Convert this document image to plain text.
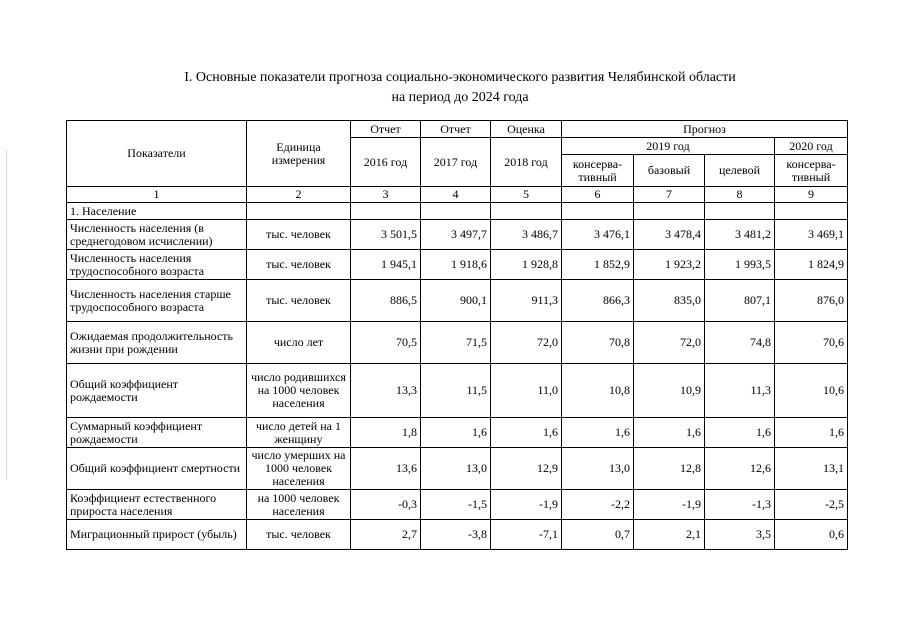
I. Основные показатели прогноза социально-экономического развития Челябинской области
на период до 2024 года
Показатели	Единица измерения	Отчет	Отчет	Оценка	Прогноз			
		2016 год	2017 год	2018 год	2019 год			2020 год
					консерва-тивный	базовый	целевой	консерва-тивный
1	2	3	4	5	6	7	8	9
1. Население								
Численность населения (в среднегодовом исчислении)	тыс. человек	3 501,5	3 497,7	3 486,7	3 476,1	3 478,4	3 481,2	3 469,1
Численность населения трудоспособного возраста	тыс. человек	1 945,1	1 918,6	1 928,8	1 852,9	1 923,2	1 993,5	1 824,9
Численность населения старше трудоспособного возраста	тыс. человек	886,5	900,1	911,3	866,3	835,0	807,1	876,0
Ожидаемая продолжительность жизни при рождении	число лет	70,5	71,5	72,0	70,8	72,0	74,8	70,6
Общий коэффициент рождаемости	число родившихся на 1000 человек населения	13,3	11,5	11,0	10,8	10,9	11,3	10,6
Суммарный коэффициент рождаемости	число детей на 1 женщину	1,8	1,6	1,6	1,6	1,6	1,6	1,6
Общий коэффициент смертности	число умерших на 1000 человек населения	13,6	13,0	12,9	13,0	12,8	12,6	13,1
Коэффициент естественного прироста населения	на 1000 человек населения	-0,3	-1,5	-1,9	-2,2	-1,9	-1,3	-2,5
Миграционный прирост (убыль)	тыс. человек	2,7	-3,8	-7,1	0,7	2,1	3,5	0,6
